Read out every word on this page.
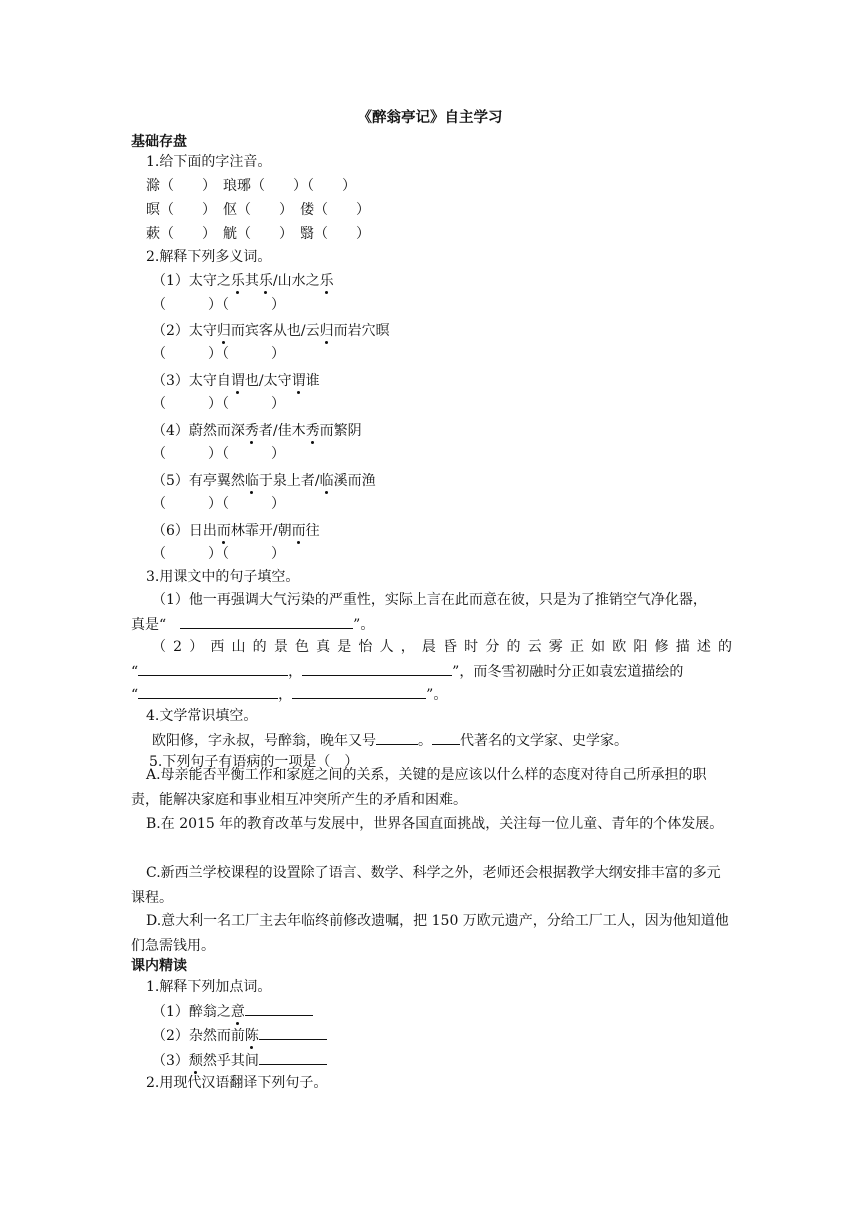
《醉翁亭记》自主学习
基础存盘
1.给下面的字注音。
滁（　　）　琅琊（　　）（　　）
暝（　　）　伛（　　）　偻（　　）
蔌（　　）　觥（　　）　翳（　　）
2.解释下列多义词。
（1）太守之乐其乐/山水之乐
（　　　）（　　　）
（2）太守归而宾客从也/云归而岩穴暝
（　　　）（　　　）
（3）太守自谓也/太守谓谁
（　　　）（　　　）
（4）蔚然而深秀者/佳木秀而繁阴
（　　　）（　　　）
（5）有亭翼然临于泉上者/临溪而渔
（　　　）（　　　）
（6）日出而林霏开/朝而往
（　　　）（　　　）
3.用课文中的句子填空。
（1）他一再强调大气污染的严重性，实际上言在此而意在彼，只是为了推销空气净化器，
真是“	”。
（2）西山的景色真是怡人，晨昏时分的云雾正如欧阳修描述的
“	，	”，而冬雪初融时分正如袁宏道描绘的
“	，	”。
4.文学常识填空。
欧阳修，字永叔，号醉翁，晚年又号	。 代著名的文学家、史学家。
5.下列句子有语病的一项是（　）
A.母亲能否平衡工作和家庭之间的关系，关键的是应该以什么样的态度对待自己所承担的职责，能解决家庭和事业相互冲突所产生的矛盾和困难。
B.在 2015 年的教育改革与发展中，世界各国直面挑战，关注每一位儿童、青年的个体发展。
C.新西兰学校课程的设置除了语言、数学、科学之外，老师还会根据教学大纲安排丰富的多元课程。
D.意大利一名工厂主去年临终前修改遗嘱，把 150 万欧元遗产，分给工厂工人，因为他知道他们急需钱用。
课内精读
1.解释下列加点词。
（1）醉翁之意
（2）杂然而前陈
（3）颓然乎其间
2.用现代汉语翻译下列句子。
